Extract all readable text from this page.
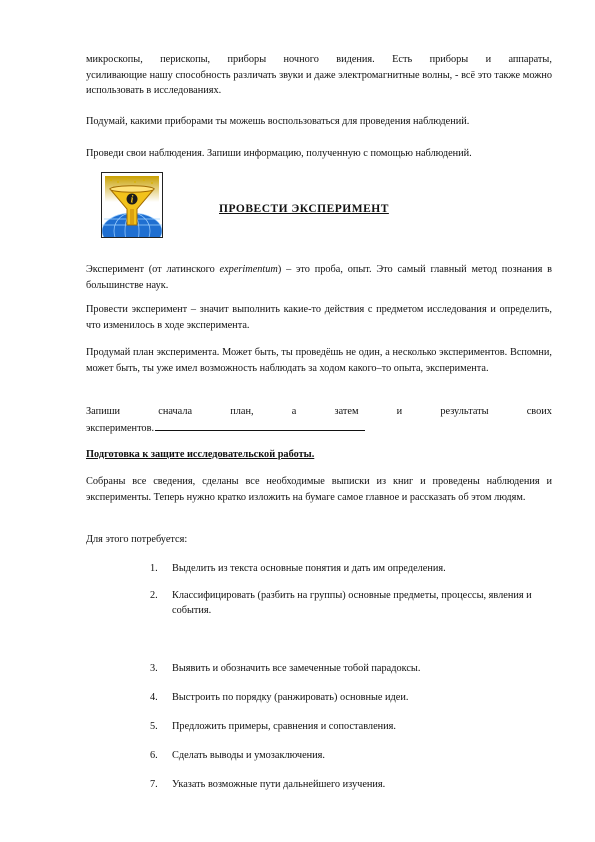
микроскопы, перископы, приборы ночного видения. Есть приборы и аппараты,
усиливающие нашу способность различать звуки и даже электромагнитные волны, - всё это также можно использовать в исследованиях.

Подумай, какими приборами ты можешь воспользоваться для проведения наблюдений.

Проведи свои наблюдения. Запиши информацию, полученную с помощью наблюдений.

i
ПРОВЕСТИ ЭКСПЕРИМЕНТ

Эксперимент (от латинского experimentum) – это проба, опыт. Это самый главный метод познания в большинстве наук.

Провести эксперимент – значит выполнить какие-то действия с предметом исследования и определить, что изменилось в ходе эксперимента.

Продумай план эксперимента. Может быть, ты проведёшь не один, а несколько экспериментов. Вспомни, может быть, ты уже имел возможность наблюдать за ходом какого–то опыта, эксперимента.

Запиши	сначала	план,	а	затем	и	результаты	своих
экспериментов.

Подготовка к защите исследовательской работы.

Собраны все сведения, сделаны все необходимые выписки из книг и проведены наблюдения и эксперименты. Теперь нужно кратко изложить на бумаге самое главное и рассказать об этом людям.

Для этого потребуется:

1. Выделить из текста основные понятия и дать им определения.
2. Классифицировать (разбить на группы) основные предметы, процессы, явления и события.
3. Выявить и обозначить все замеченные тобой парадоксы.
4. Выстроить по порядку (ранжировать) основные идеи.
5. Предложить примеры, сравнения и сопоставления.
6. Сделать выводы и умозаключения.
7. Указать возможные пути дальнейшего изучения.
